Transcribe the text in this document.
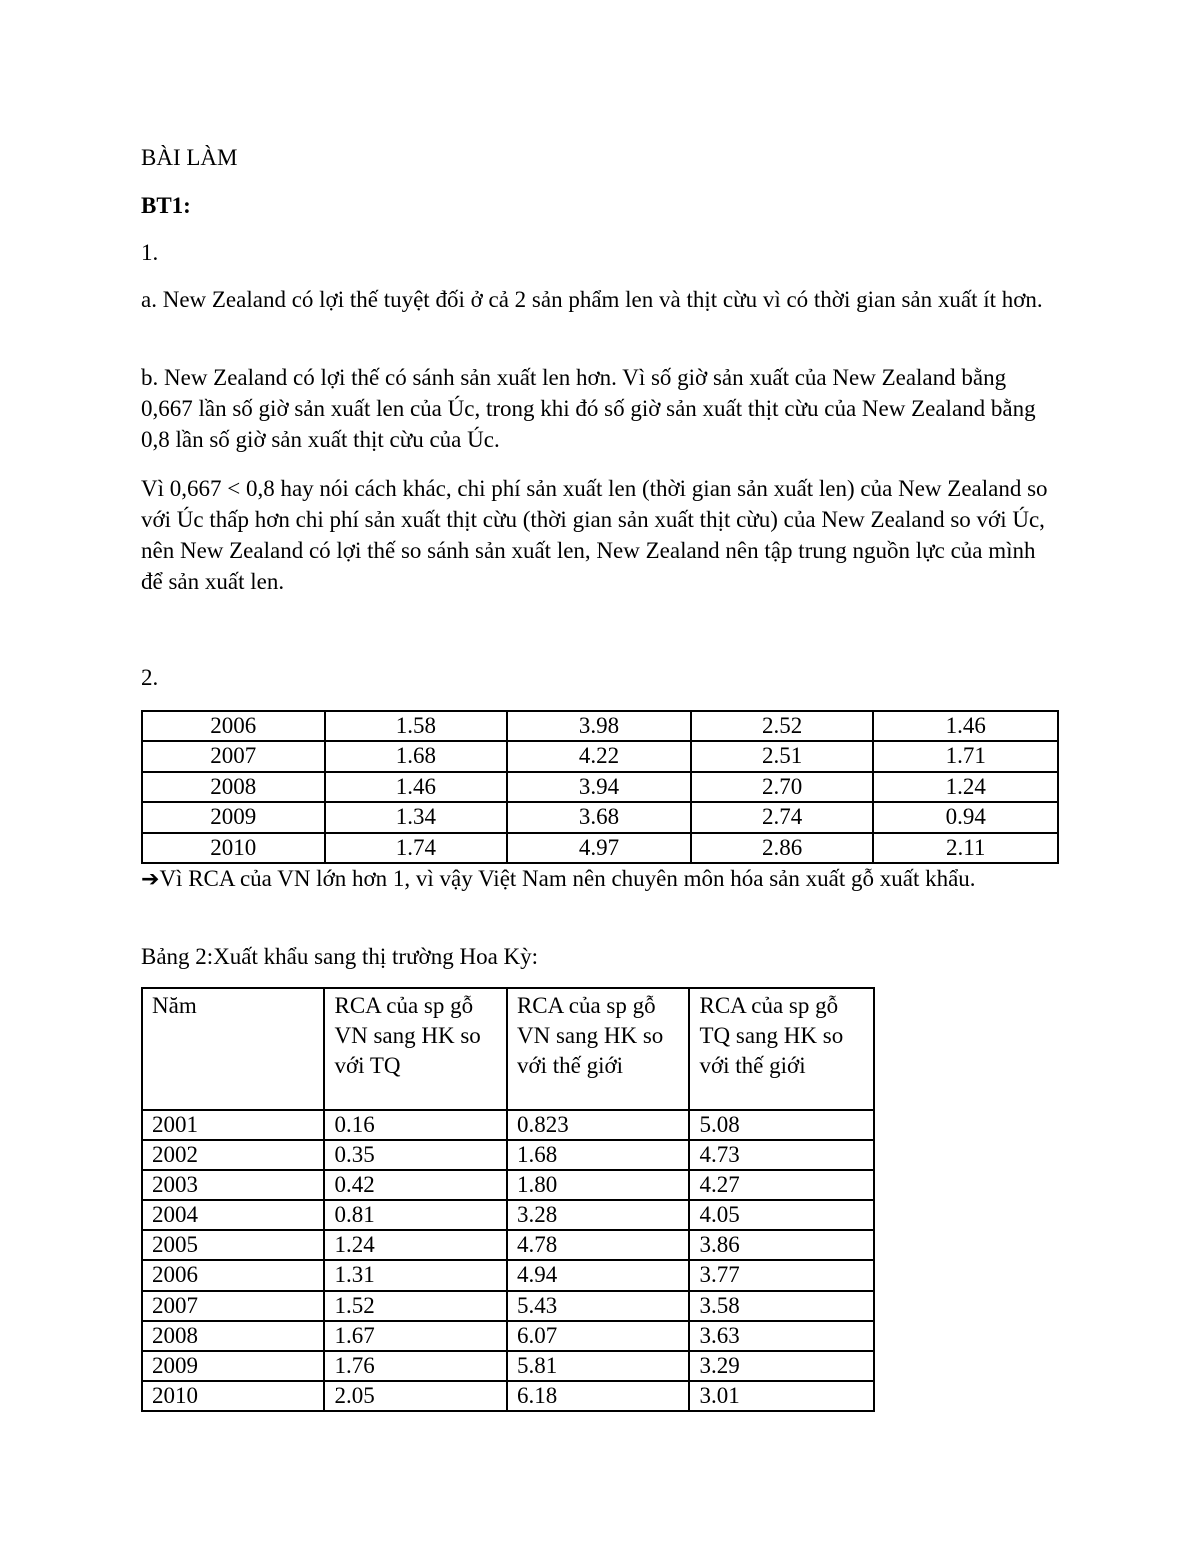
BÀI LÀM

BT1:

1.

a. New Zealand có lợi thế tuyệt đối ở cả 2 sản phẩm len và thịt cừu vì có thời gian sản xuất ít hơn.

b. New Zealand có lợi thế có sánh sản xuất len hơn. Vì số giờ sản xuất của New Zealand bằng 0,667 lần số giờ sản xuất len của Úc, trong khi đó số giờ sản xuất thịt cừu của New Zealand bằng 0,8 lần số giờ sản xuất thịt cừu của Úc.

Vì 0,667 < 0,8 hay nói cách khác, chi phí sản xuất len (thời gian sản xuất len) của New Zealand so với Úc thấp hơn chi phí sản xuất thịt cừu (thời gian sản xuất thịt cừu) của New Zealand so với Úc, nên New Zealand có lợi thế so sánh sản xuất len, New Zealand nên tập trung nguồn lực của mình để sản xuất len.

2.

2006	1.58	3.98	2.52	1.46
2007	1.68	4.22	2.51	1.71
2008	1.46	3.94	2.70	1.24
2009	1.34	3.68	2.74	0.94
2010	1.74	4.97	2.86	2.11

➔Vì RCA của VN lớn hơn 1, vì vậy Việt Nam nên chuyên môn hóa sản xuất gỗ xuất khẩu.

Bảng 2:Xuất khẩu sang thị trường Hoa Kỳ:

Năm	RCA của sp gỗ VN sang HK so với TQ	RCA của sp gỗ VN sang HK so với thế giới	RCA của sp gỗ TQ sang HK so với thế giới
2001	0.16	0.823	5.08
2002	0.35	1.68	4.73
2003	0.42	1.80	4.27
2004	0.81	3.28	4.05
2005	1.24	4.78	3.86
2006	1.31	4.94	3.77
2007	1.52	5.43	3.58
2008	1.67	6.07	3.63
2009	1.76	5.81	3.29
2010	2.05	6.18	3.01
